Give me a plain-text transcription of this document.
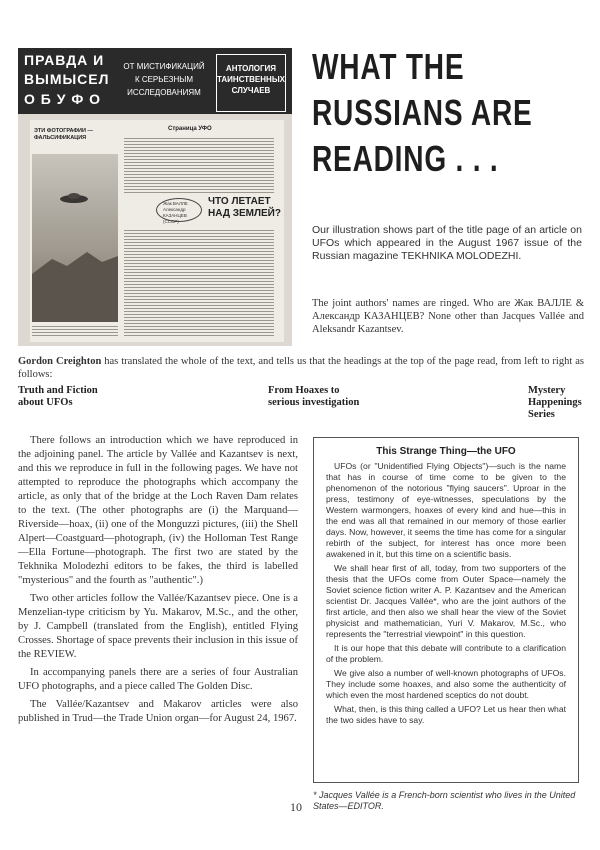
ПРАВДА И
ВЫМЫСЕЛ
О Б У Ф О
ОТ МИСТИФИКАЦИЙ
К СЕРЬЕЗНЫМ
ИССЛЕДОВАНИЯМ
АНТОЛОГИЯ
ТАИНСТВЕННЫХ
СЛУЧАЕВ
ЭТИ ФОТОГРАФИИ —
ФАЛЬСИФИКАЦИЯ
Страница УФО
Жак ВАЛЛЕ
Александр
КАЗАНЦЕВ (СССР)
ЧТО ЛЕТАЕТ
НАД ЗЕМЛЕЙ?
WHAT THE
RUSSIANS ARE
READING . . .
Our illustration shows part of the title page of an article on UFOs which appeared in the August 1967 issue of the Russian magazine TEKHNIKA MOLODEZHI.
The joint authors' names are ringed. Who are Жак ВАЛЛЕ & Александр КАЗАНЦЕВ? None other than Jacques Vallée and Aleksandr Kazantsev.
Gordon Creighton has translated the whole of the text, and tells us that the headings at the top of the page read, from left to right as follows:
Truth and Fiction
about UFOs
From Hoaxes to
serious investigation
Mystery
Happenings
Series

There follows an introduction which we have reproduced in the adjoining panel. The article by Vallée and Kazantsev is next, and this we reproduce in full in the following pages. We have not attempted to reproduce the photographs which accompany the article, as only that of the bridge at the Loch Raven Dam relates to the text. (The other photographs are (i) the Marquand—Riverside—hoax, (ii) one of the Monguzzi pictures, (iii) the Shell Alpert—Coastguard—photograph, (iv) the Holloman Test Range—Ella Fortune—photograph. The first two are stated by the Tekhnika Molodezhi editors to be fakes, the third is labelled "mysterious" and the fourth as "authentic".)

Two other articles follow the Vallée/Kazantsev piece. One is a Menzelian-type criticism by Yu. Makarov, M.Sc., and the other, by J. Campbell (translated from the English), entitled Flying Crosses. Shortage of space prevents their inclusion in this issue of the REVIEW.

In accompanying panels there are a series of four Australian UFO photographs, and a piece called The Golden Disc.

The Vallée/Kazantsev and Makarov articles were also published in Trud—the Trade Union organ—for August 24, 1967.

This Strange Thing—the UFO

UFOs (or "Unidentified Flying Objects")—such is the name that has in course of time come to be given to the phenomenon of the notorious "flying saucers". Uproar in the press, testimony of eye-witnesses, speculations by the Western warmongers, hoaxes of every kind and hue—this in the end was all that remained in our memory of those earlier days. Now, however, it seems the time has come for a singular rebirth of the subject, for interest has once more been awakened in it, but this time on a scientific basis.

We shall hear first of all, today, from two supporters of the thesis that the UFOs come from Outer Space—namely the Soviet science fiction writer A. P. Kazantsev and the American scientist Dr. Jacques Vallée*, who are the joint authors of the first article, and then also we shall hear the view of the Soviet physicist and mathematician, Yuri V. Makarov, M.Sc., who represents the "terrestrial viewpoint" in this question.

It is our hope that this debate will contribute to a clarification of the problem.

We give also a number of well-known photographs of UFOs. They include some hoaxes, and also some the authenticity of which even the most hardened sceptics do not doubt.

What, then, is this thing called a UFO? Let us hear then what the two sides have to say.

* Jacques Vallée is a French-born scientist who lives in the United States—EDITOR.
10
